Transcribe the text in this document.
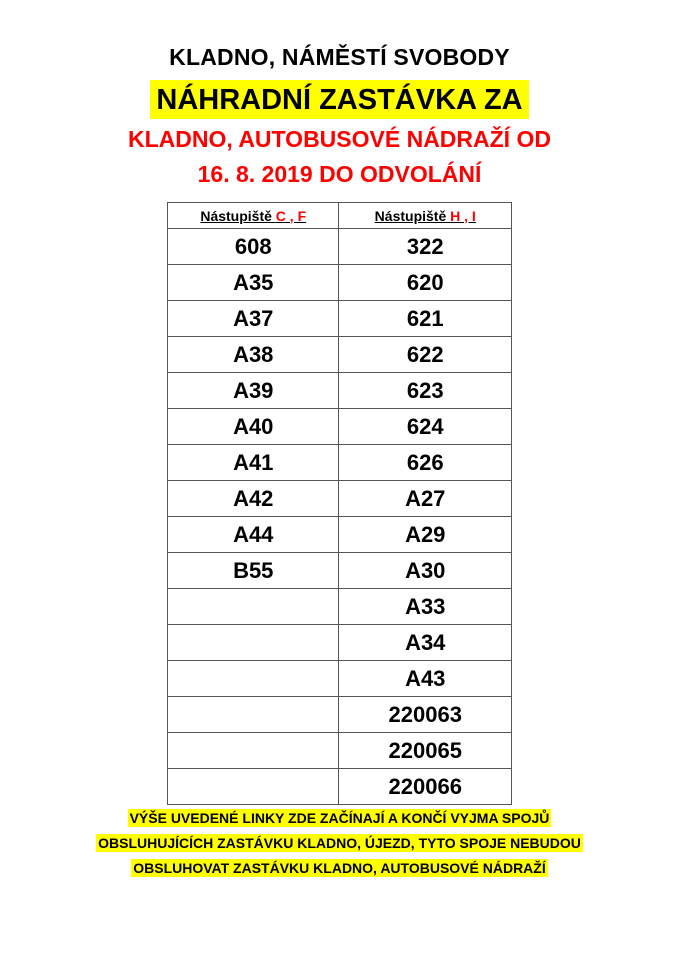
KLADNO, NÁMĚSTÍ SVOBODY
NÁHRADNÍ ZASTÁVKA ZA
KLADNO, AUTOBUSOVÉ NÁDRAŽÍ OD
16. 8. 2019 DO ODVOLÁNÍ
Nástupiště C , F	Nástupiště H , I
608	322
A35	620
A37	621
A38	622
A39	623
A40	624
A41	626
A42	A27
A44	A29
B55	A30
	A33
	A34
	A43
	220063
	220065
	220066
VÝŠE UVEDENÉ LINKY ZDE ZAČÍNAJÍ A KONČÍ VYJMA SPOJŮ
OBSLUHUJÍCÍCH ZASTÁVKU KLADNO, ÚJEZD, TYTO SPOJE NEBUDOU
OBSLUHOVAT ZASTÁVKU KLADNO, AUTOBUSOVÉ NÁDRAŽÍ
